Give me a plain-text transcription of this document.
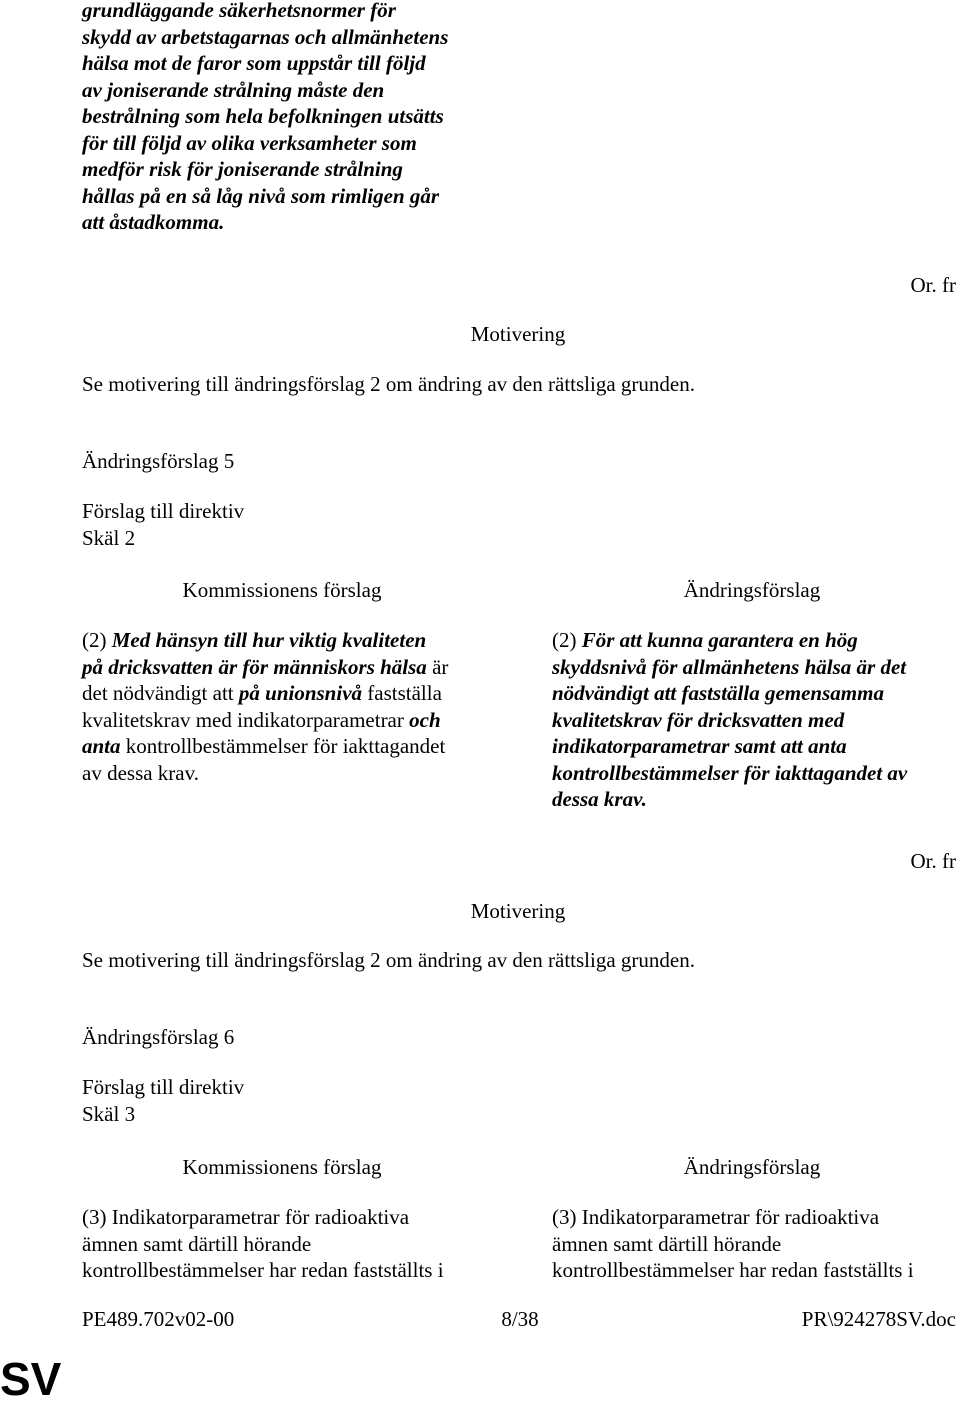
grundläggande säkerhetsnormer för
skydd av arbetstagarnas och allmänhetens
hälsa mot de faror som uppstår till följd
av joniserande strålning måste den
bestrålning som hela befolkningen utsätts
för till följd av olika verksamheter som
medför risk för joniserande strålning
hållas på en så låg nivå som rimligen går
att åstadkomma.
Or. fr
Motivering
Se motivering till ändringsförslag 2 om ändring av den rättsliga grunden.
Ändringsförslag 5
Förslag till direktiv
Skäl 2
Kommissionens förslag	Ändringsförslag
(2) Med hänsyn till hur viktig kvaliteten
på dricksvatten är för människors hälsa är
det nödvändigt att på unionsnivå fastställa
kvalitetskrav med indikatorparametrar och
anta kontrollbestämmelser för iakttagandet
av dessa krav.
(2) För att kunna garantera en hög
skyddsnivå för allmänhetens hälsa är det
nödvändigt att fastställa gemensamma
kvalitetskrav för dricksvatten med
indikatorparametrar samt att anta
kontrollbestämmelser för iakttagandet av
dessa krav.
Or. fr
Motivering
Se motivering till ändringsförslag 2 om ändring av den rättsliga grunden.
Ändringsförslag 6
Förslag till direktiv
Skäl 3
Kommissionens förslag	Ändringsförslag
(3) Indikatorparametrar för radioaktiva
ämnen samt därtill hörande
kontrollbestämmelser har redan fastställts i
(3) Indikatorparametrar för radioaktiva
ämnen samt därtill hörande
kontrollbestämmelser har redan fastställts i
PE489.702v02-00	8/38	PR\924278SV.doc
SV
